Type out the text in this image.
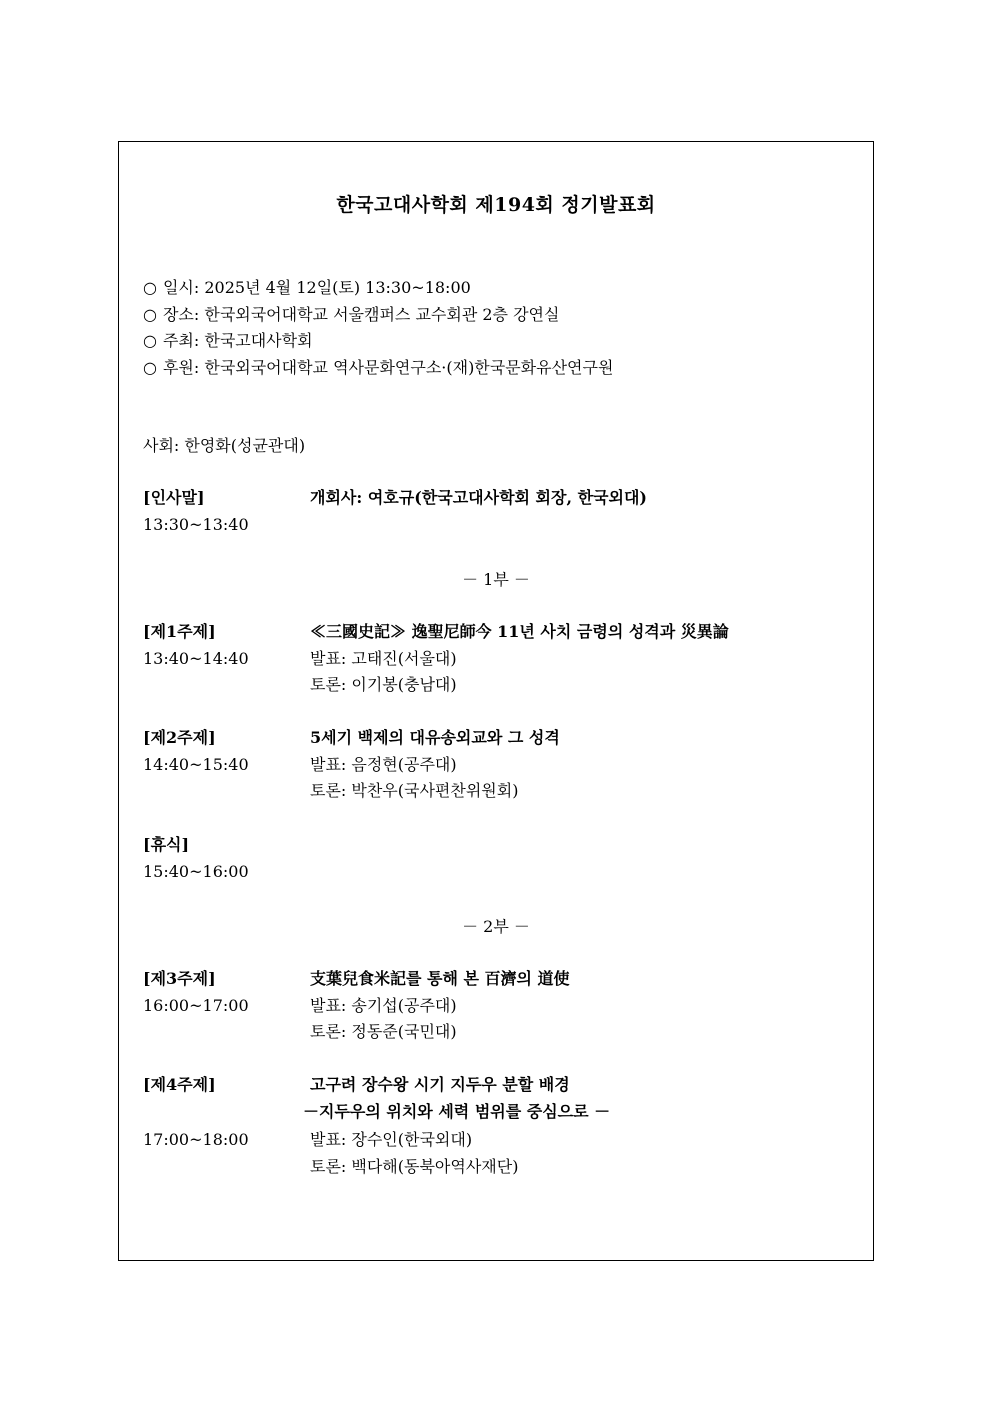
한국고대사학회 제194회 정기발표회
○ 일시: 2025년 4월 12일(토) 13:30~18:00
○ 장소: 한국외국어대학교 서울캠퍼스 교수회관 2층 강연실
○ 주최: 한국고대사학회
○ 후원: 한국외국어대학교 역사문화연구소·(재)한국문화유산연구원
사회: 한영화(성균관대)
[인사말]	개회사: 여호규(한국고대사학회 회장, 한국외대)
13:30~13:40
－ 1부 －
[제1주제]	≪三國史記≫ 逸聖尼師今 11년 사치 금령의 성격과 災異論
13:40~14:40	발표: 고태진(서울대)
토론: 이기봉(충남대)
[제2주제]	5세기 백제의 대유송외교와 그 성격
14:40~15:40	발표: 음정현(공주대)
토론: 박찬우(국사편찬위원회)
[휴식]
15:40~16:00
－ 2부 －
[제3주제]	支葉兒食米記를 통해 본 百濟의 道使
16:00~17:00	발표: 송기섭(공주대)
토론: 정동준(국민대)
[제4주제]	고구려 장수왕 시기 지두우 분할 배경
－지두우의 위치와 세력 범위를 중심으로 －
17:00~18:00	발표: 장수인(한국외대)
토론: 백다해(동북아역사재단)
